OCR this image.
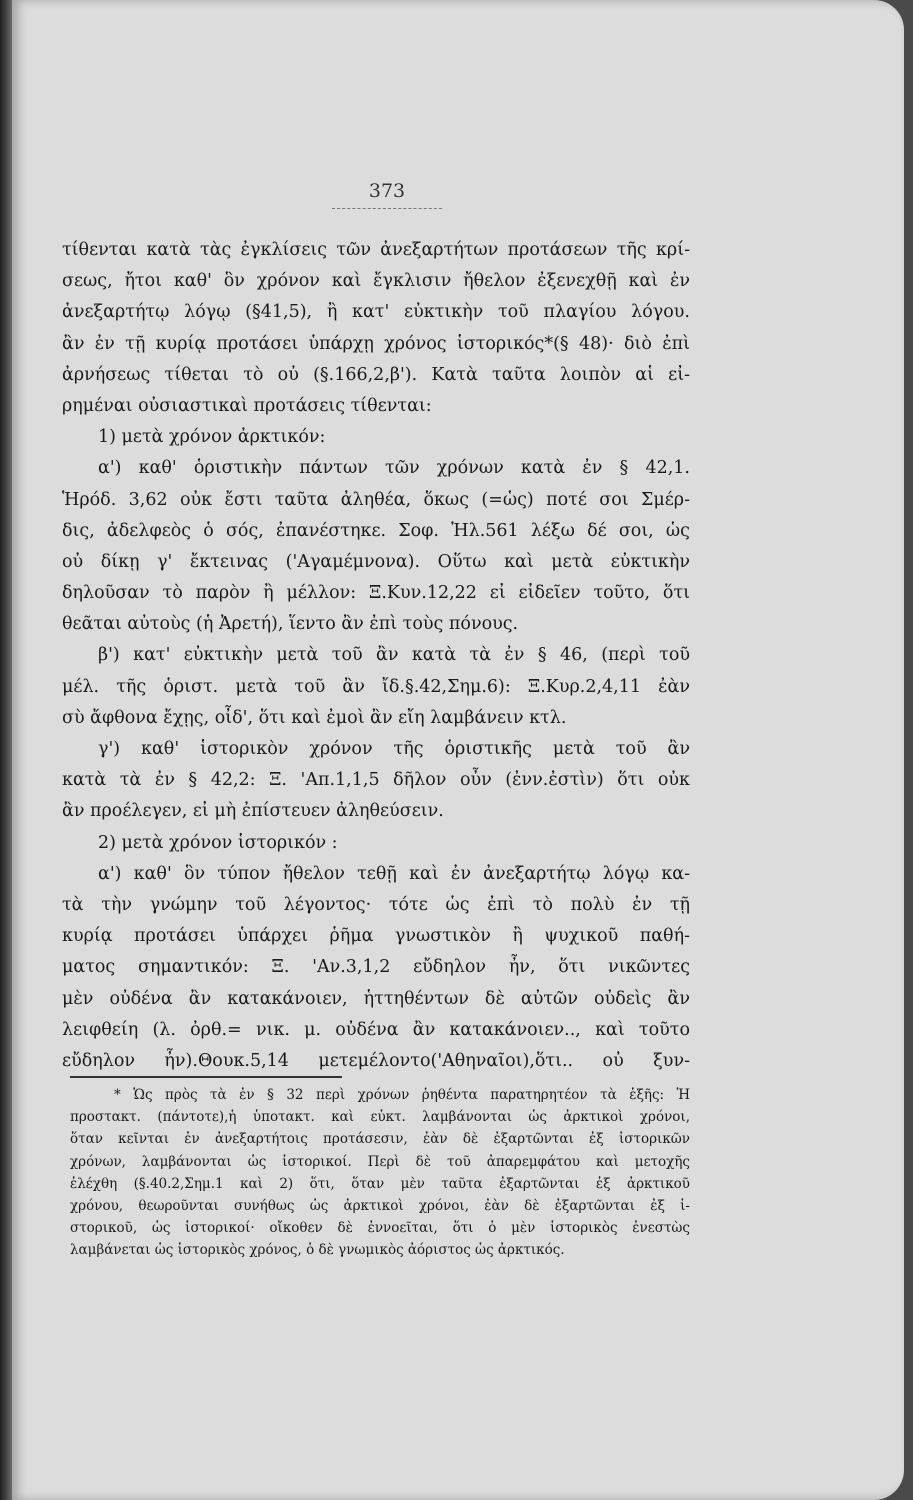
373
τίθενται κατὰ τὰς ἐγκλίσεις τῶν ἀνεξαρτήτων προτάσεων τῆς κρί-
σεως, ἤτοι καθ' ὃν χρόνον καὶ ἔγκλισιν ἤθελον ἐξενεχθῇ καὶ ἐν
ἀνεξαρτήτῳ λόγῳ (§41,5), ἢ κατ' εὐκτικὴν τοῦ πλαγίου λόγου.
ἂν ἐν τῇ κυρίᾳ προτάσει ὑπάρχῃ χρόνος ἱστορικός*(§ 48)· διὸ ἐπὶ
ἀρνήσεως τίθεται τὸ οὐ (§.166,2,β'). Κατὰ ταῦτα λοιπὸν αἱ εἰ-
ρημέναι οὐσιαστικαὶ προτάσεις τίθενται:
1) μετὰ χρόνον ἀρκτικόν:
α') καθ' ὁριστικὴν πάντων τῶν χρόνων κατὰ ἐν § 42,1.
Ἡρόδ. 3,62 οὐκ ἔστι ταῦτα ἀληθέα, ὅκως (=ὡς) ποτέ σοι Σμέρ-
δις, ἀδελφεὸς ὁ σός, ἐπανέστηκε. Σοφ. Ἠλ.561 λέξω δέ σοι, ὡς
οὐ δίκῃ γ' ἔκτεινας ('Αγαμέμνονα). Οὕτω καὶ μετὰ εὐκτικὴν
δηλοῦσαν τὸ παρὸν ἢ μέλλον: Ξ.Κυν.12,22 εἰ εἰδεῖεν τοῦτο, ὅτι
θεᾶται αὐτοὺς (ἡ Ἀρετή), ἵεντο ἂν ἐπὶ τοὺς πόνους.
β') κατ' εὐκτικὴν μετὰ τοῦ ἂν κατὰ τὰ ἐν § 46, (περὶ τοῦ
μέλ. τῆς ὁριστ. μετὰ τοῦ ἂν ἴδ.§.42,Σημ.6): Ξ.Κυρ.2,4,11 ἐὰν
σὺ ἄφθονα ἔχῃς, οἶδ', ὅτι καὶ ἐμοὶ ἂν εἴη λαμβάνειν κτλ.
γ') καθ' ἱστορικὸν χρόνον τῆς ὁριστικῆς μετὰ τοῦ ἂν
κατὰ τὰ ἐν § 42,2: Ξ. 'Απ.1,1,5 δῆλον οὖν (ἐνν.ἐστὶν) ὅτι οὐκ
ἂν προέλεγεν, εἰ μὴ ἐπίστευεν ἀληθεύσειν.
2) μετὰ χρόνον ἱστορικόν :
α') καθ' ὃν τύπον ἤθελον τεθῇ καὶ ἐν ἀνεξαρτήτῳ λόγῳ κα-
τὰ τὴν γνώμην τοῦ λέγοντος· τότε ὡς ἐπὶ τὸ πολὺ ἐν τῇ
κυρίᾳ προτάσει ὑπάρχει ῥῆμα γνωστικὸν ἢ ψυχικοῦ παθή-
ματος σημαντικόν: Ξ. 'Αν.3,1,2 εὔδηλον ἦν, ὅτι νικῶντες
μὲν οὐδένα ἂν κατακάνοιεν, ἡττηθέντων δὲ αὐτῶν οὐδεὶς ἂν
λειφθείη (λ. ὀρθ.= νικ. μ. οὐδένα ἂν κατακάνοιεν.., καὶ τοῦτο
εὔδηλον ἦν).Θουκ.5,14 μετεμέλοντο('Αθηναῖοι),ὅτι.. οὐ ξυν-
* Ὡς πρὸς τὰ ἐν § 32 περὶ χρόνων ῥηθέντα παρατηρητέον τὰ ἑξῆς: Ἡ
προστακτ. (πάντοτε),ἡ ὑποτακτ. καὶ εὐκτ. λαμβάνονται ὡς ἀρκτικοὶ χρόνοι,
ὅταν κεῖνται ἐν ἀνεξαρτήτοις προτάσεσιν, ἐὰν δὲ ἐξαρτῶνται ἐξ ἱστορικῶν
χρόνων, λαμβάνονται ὡς ἱστορικοί. Περὶ δὲ τοῦ ἀπαρεμφάτου καὶ μετοχῆς
ἐλέχθη (§.40.2,Σημ.1 καὶ 2) ὅτι, ὅταν μὲν ταῦτα ἐξαρτῶνται ἐξ ἀρκτικοῦ
χρόνου, θεωροῦνται συνήθως ὡς ἀρκτικοὶ χρόνοι, ἐὰν δὲ ἐξαρτῶνται ἐξ ἱ-
στορικοῦ, ὡς ἱστορικοί· οἴκοθεν δὲ ἐννοεῖται, ὅτι ὁ μὲν ἱστορικὸς ἐνεστὼς
λαμβάνεται ὡς ἱστορικὸς χρόνος, ὁ δὲ γνωμικὸς ἀόριστος ὡς ἀρκτικός.
